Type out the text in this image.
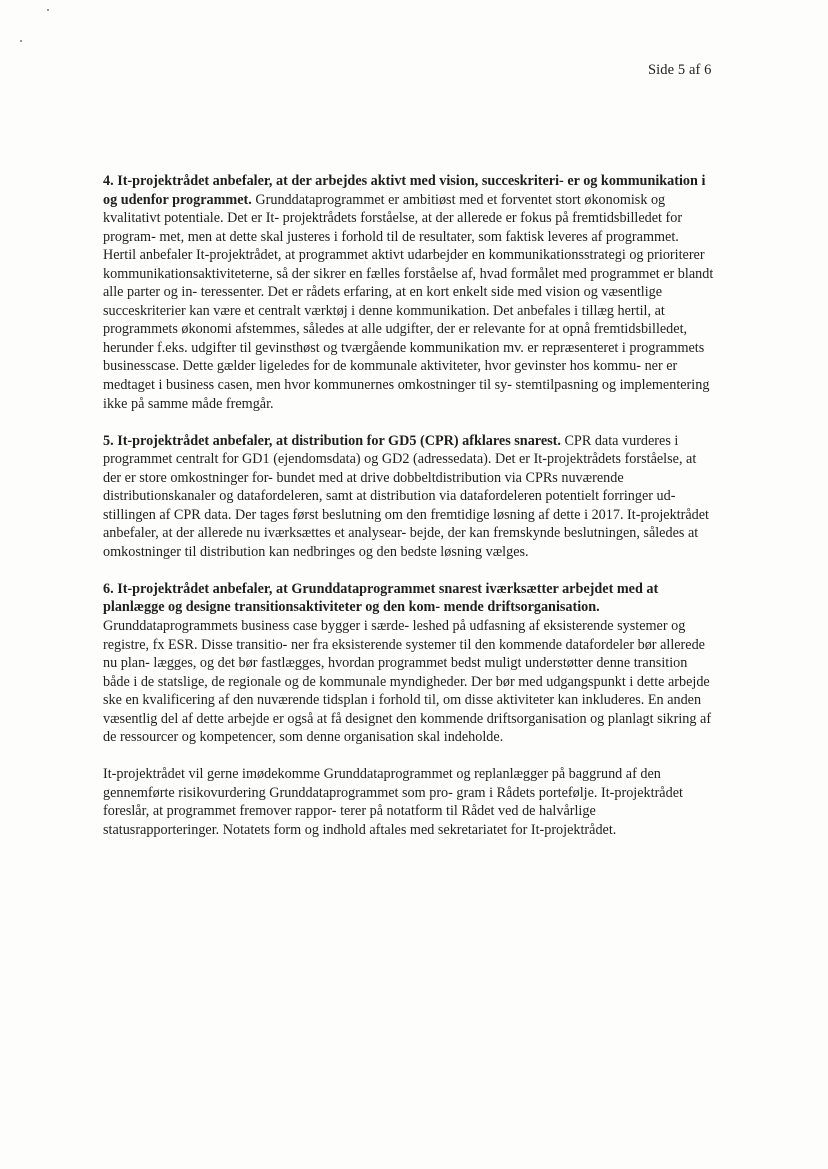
Side 5 af 6

4. It-projektrådet anbefaler, at der arbejdes aktivt med vision, succeskriteri- er og kommunikation i og udenfor programmet. Grunddataprogrammet er ambitiøst med et forventet stort økonomisk og kvalitativt potentiale. Det er It- projektrådets forståelse, at der allerede er fokus på fremtidsbilledet for program- met, men at dette skal justeres i forhold til de resultater, som faktisk leveres af programmet. Hertil anbefaler It-projektrådet, at programmet aktivt udarbejder en kommunikationsstrategi og prioriterer kommunikationsaktiviteterne, så der sikrer en fælles forståelse af, hvad formålet med programmet er blandt alle parter og in- teressenter. Det er rådets erfaring, at en kort enkelt side med vision og væsentlige succeskriterier kan være et centralt værktøj i denne kommunikation. Det anbefales i tillæg hertil, at programmets økonomi afstemmes, således at alle udgifter, der er relevante for at opnå fremtidsbilledet, herunder f.eks. udgifter til gevinsthøst og tværgående kommunikation mv. er repræsenteret i programmets businesscase. Dette gælder ligeledes for de kommunale aktiviteter, hvor gevinster hos kommu- ner er medtaget i business casen, men hvor kommunernes omkostninger til sy- stemtilpasning og implementering ikke på samme måde fremgår.

5. It-projektrådet anbefaler, at distribution for GD5 (CPR) afklares snarest. CPR data vurderes i programmet centralt for GD1 (ejendomsdata) og GD2 (adressedata). Det er It-projektrådets forståelse, at der er store omkostninger for- bundet med at drive dobbeltdistribution via CPRs nuværende distributionskanaler og datafordeleren, samt at distribution via datafordeleren potentielt forringer ud- stillingen af CPR data. Der tages først beslutning om den fremtidige løsning af dette i 2017. It-projektrådet anbefaler, at der allerede nu iværksættes et analysear- bejde, der kan fremskynde beslutningen, således at omkostninger til distribution kan nedbringes og den bedste løsning vælges.

6. It-projektrådet anbefaler, at Grunddataprogrammet snarest iværksætter arbejdet med at planlægge og designe transitionsaktiviteter og den kom- mende driftsorganisation. Grunddataprogrammets business case bygger i særde- leshed på udfasning af eksisterende systemer og registre, fx ESR. Disse transitio- ner fra eksisterende systemer til den kommende datafordeler bør allerede nu plan- lægges, og det bør fastlægges, hvordan programmet bedst muligt understøtter denne transition både i de statslige, de regionale og de kommunale myndigheder. Der bør med udgangspunkt i dette arbejde ske en kvalificering af den nuværende tidsplan i forhold til, om disse aktiviteter kan inkluderes. En anden væsentlig del af dette arbejde er også at få designet den kommende driftsorganisation og planlagt sikring af de ressourcer og kompetencer, som denne organisation skal indeholde.

It-projektrådet vil gerne imødekomme Grunddataprogrammet og replanlægger på baggrund af den gennemførte risikovurdering Grunddataprogrammet som pro- gram i Rådets portefølje. It-projektrådet foreslår, at programmet fremover rappor- terer på notatform til Rådet ved de halvårlige statusrapporteringer. Notatets form og indhold aftales med sekretariatet for It-projektrådet.
